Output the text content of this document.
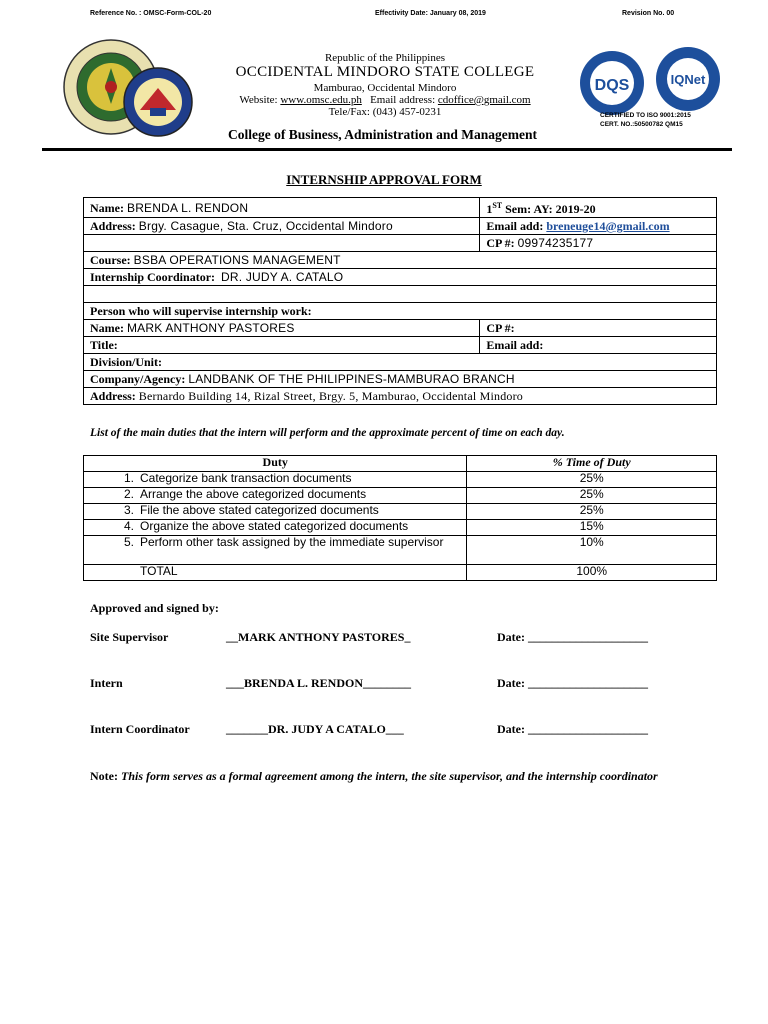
Reference No. : OMSC-Form-COL-20	Effectivity Date: January 08, 2019	Revision No. 00
Republic of the Philippines
OCCIDENTAL MINDORO STATE COLLEGE
Mamburao, Occidental Mindoro
Website: www.omsc.edu.ph Email address: cdoffice@gmail.com
Tele/Fax: (043) 457-0231
College of Business, Administration and Management
DQS	IQNet
CERTIFIED TO ISO 9001:2015
CERT. NO.:50500782 QM15
INTERNSHIP APPROVAL FORM
Name: BRENDA L. RENDON	1ST Sem: AY: 2019-20
Address: Brgy. Casague, Sta. Cruz, Occidental Mindoro	Email add: breneuge14@gmail.com
	CP #: 09974235177
Course: BSBA OPERATIONS MANAGEMENT	
Internship Coordinator: DR. JUDY A. CATALO	

Person who will supervise internship work:	
Name: MARK ANTHONY PASTORES	CP #:
Title:	Email add:
Division/Unit:	
Company/Agency: LANDBANK OF THE PHILIPPINES-MAMBURAO BRANCH	
Address: Bernardo Building 14, Rizal Street, Brgy. 5, Mamburao, Occidental Mindoro	
List of the main duties that the intern will perform and the approximate percent of time on each day.
Duty	% Time of Duty
1. Categorize bank transaction documents	25%
2. Arrange the above categorized documents	25%
3. File the above stated categorized documents	25%
4. Organize the above stated categorized documents	15%

5. Perform other task assigned by the immediate supervisor	10%
TOTAL	100%
Approved and signed by:
Site Supervisor	__MARK ANTHONY PASTORES_	Date: ____________________
Intern	___BRENDA L. RENDON________	Date: ____________________
Intern Coordinator	_______DR. JUDY A CATALO___	Date: ____________________
Note: This form serves as a formal agreement among the intern, the site supervisor, and the internship coordinator
